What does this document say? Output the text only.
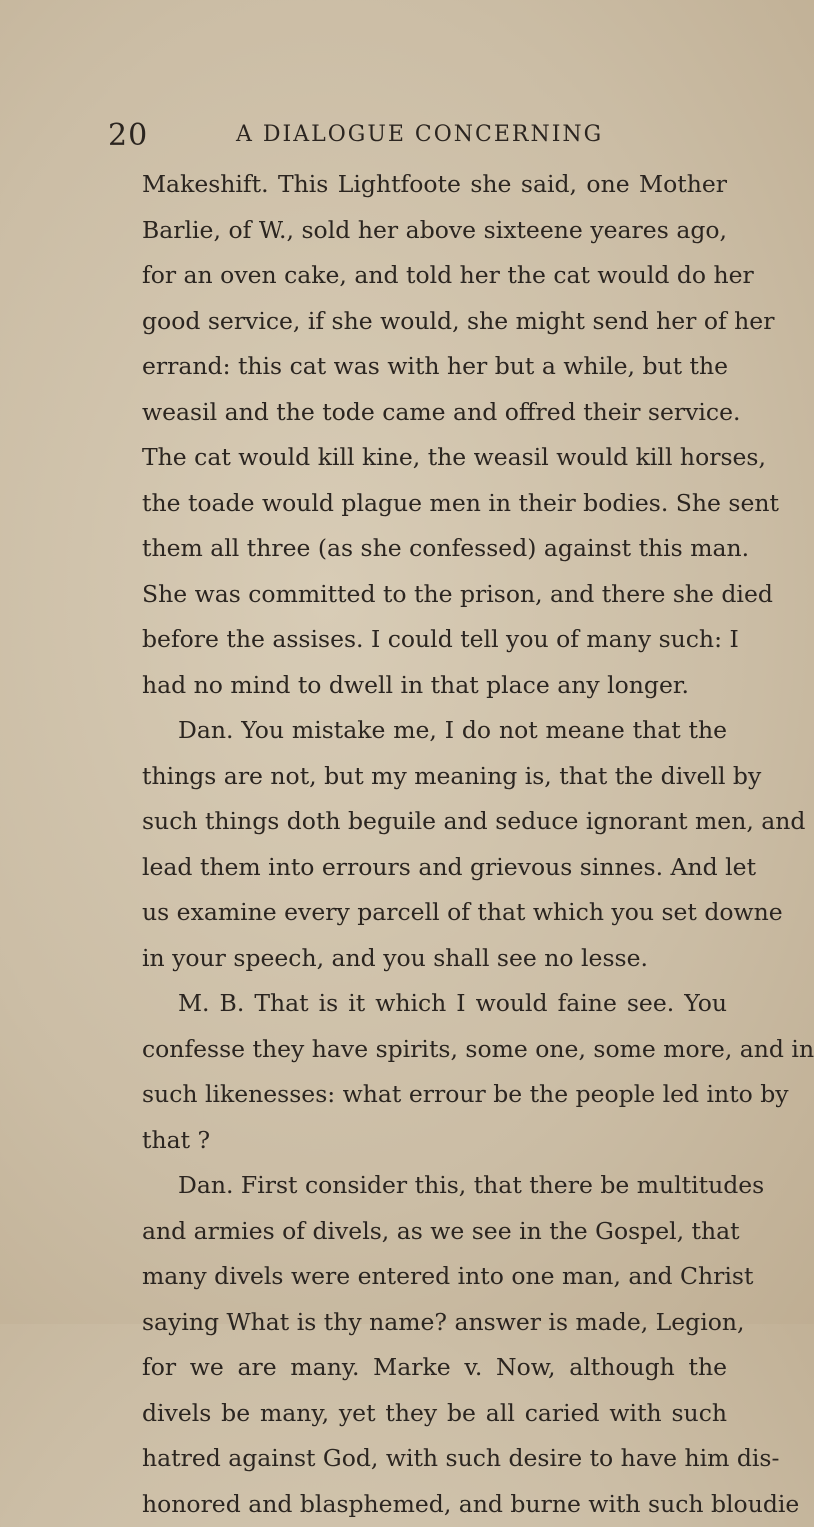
20	A DIALOGUE CONCERNING
Makeshift. This Lightfoote she said, one Mother
Barlie, of W., sold her above sixteene yeares ago,
for an oven cake, and told her the cat would do her
good service, if she would, she might send her of her
errand: this cat was with her but a while, but the
weasil and the tode came and offred their service.
The cat would kill kine, the weasil would kill horses,
the toade would plague men in their bodies. She sent
them all three (as she confessed) against this man.
She was committed to the prison, and there she died
before the assises. I could tell you of many such: I
had no mind to dwell in that place any longer.
Dan. You mistake me, I do not meane that the
things are not, but my meaning is, that the divell by
such things doth beguile and seduce ignorant men, and
lead them into errours and grievous sinnes. And let
us examine every parcell of that which you set downe
in your speech, and you shall see no lesse.
M. B. That is it which I would faine see. You
confesse they have spirits, some one, some more, and in
such likenesses: what errour be the people led into by
that ?
Dan. First consider this, that there be multitudes
and armies of divels, as we see in the Gospel, that
many divels were entered into one man, and Christ
saying What is thy name? answer is made, Legion,
for we are many. Marke v. Now, although the
divels be many, yet they be all caried with such
hatred against God, with such desire to have him dis-
honored and blasphemed, and burne with such bloudie
